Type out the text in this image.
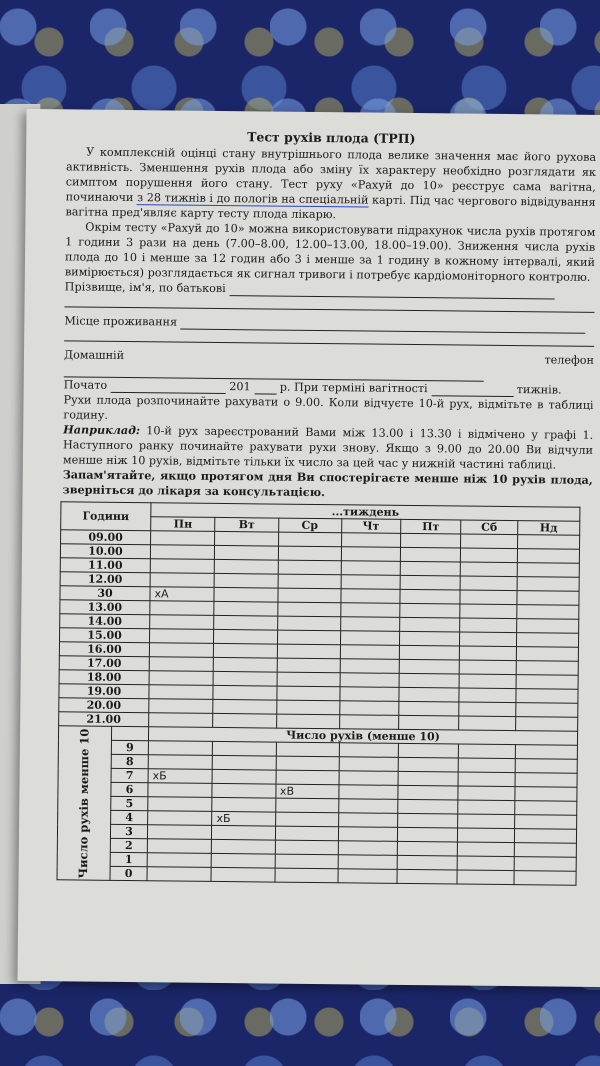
Тест рухів плода (ТРП)

У комплексній оцінці стану внутрішнього плода велике значення має його рухова активність. Зменшення рухів плода або зміну їх характеру необхідно розглядати як симптом порушення його стану. Тест руху «Рахуй до 10» реєструє сама вагітна, починаючи з 28 тижнів і до пологів на спеціальній карті. Під час чергового відвідування вагітна пред'являє карту тесту плода лікарю.

Окрім тесту «Рахуй до 10» можна використовувати підрахунок числа рухів протягом 1 години 3 рази на день (7.00–8.00, 12.00–13.00, 18.00–19.00). Зниження числа рухів плода до 10 і менше за 12 годин або 3 і менше за 1 годину в кожному інтервалі, який вимірюється) розглядається як сигнал тривоги і потребує кардіомоніторного контролю.

Прізвище, ім'я, по батькові

Місце проживання

Домашній телефон

Почато	201	р. При терміні вагітності	тижнів.

Рухи плода розпочинайте рахувати о 9.00. Коли відчуєте 10-й рух, відмітьте в таблиці годину.

Наприклад: 10-й рух зареєстрований Вами між 13.00 і 13.30 і відмічено у графі 1. Наступного ранку починайте рахувати рухи знову. Якщо з 9.00 до 20.00 Ви відчули менше ніж 10 рухів, відмітьте тільки їх число за цей час у нижній частині таблиці.

Запам'ятайте, якщо протягом дня Ви спостерігаєте менше ніж 10 рухів плода, зверніться до лікаря за консультацією.

Години		...тиждень						
		Пн	Вт	Ср	Чт	Пт	Сб	Нд
09.00								
10.00								
11.00								
12.00								
30		хА						
13.00								
14.00								
15.00								
16.00								
17.00								
18.00								
19.00								
20.00								
21.00								

Число рухів менше 10		Число рухів (менше 10)						
	9							
	8							
	7	хБ						
	6			хВ				
	5							
	4		хБ					
	3							
	2							
	1							
	0							
